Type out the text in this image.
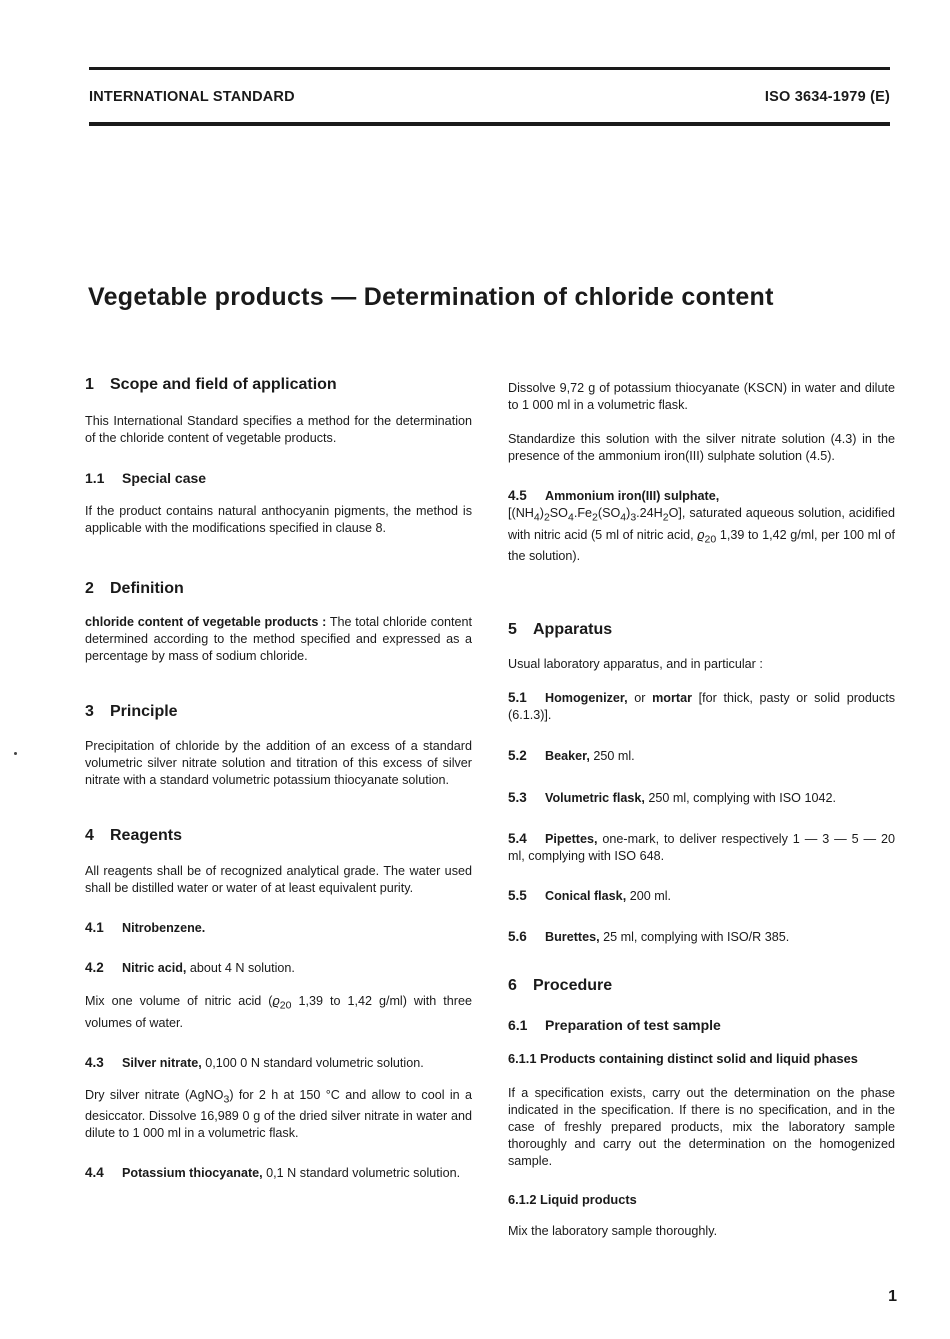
INTERNATIONAL STANDARD	ISO 3634-1979 (E)
Vegetable products — Determination of chloride content
1 Scope and field of application

This International Standard specifies a method for the determination of the chloride content of vegetable products.

1.1 Special case

If the product contains natural anthocyanin pigments, the method is applicable with the modifications specified in clause 8.

2 Definition

chloride content of vegetable products : The total chloride content determined according to the method specified and expressed as a percentage by mass of sodium chloride.

3 Principle

Precipitation of chloride by the addition of an excess of a standard volumetric silver nitrate solution and titration of this excess of silver nitrate with a standard volumetric potassium thiocyanate solution.

4 Reagents

All reagents shall be of recognized analytical grade. The water used shall be distilled water or water of at least equivalent purity.

4.1 Nitrobenzene.

4.2 Nitric acid, about 4 N solution.

Mix one volume of nitric acid ($ϱ_{20}$ 1,39 to 1,42 g/ml) with three volumes of water.

4.3 Silver nitrate, 0,100 0 N standard volumetric solution.

Dry silver nitrate (AgNO$_3$) for 2 h at 150 °C and allow to cool in a desiccator. Dissolve 16,989 0 g of the dried silver nitrate in water and dilute to 1 000 ml in a volumetric flask.

4.4 Potassium thiocyanate, 0,1 N standard volumetric solution.

Dissolve 9,72 g of potassium thiocyanate (KSCN) in water and dilute to 1 000 ml in a volumetric flask.

Standardize this solution with the silver nitrate solution (4.3) in the presence of the ammonium iron(III) sulphate solution (4.5).

4.5 Ammonium iron(III) sulphate,

$[(NH_4)_2SO_4.Fe_2(SO_4)_3.24H_2O]$, saturated aqueous solution, acidified with nitric acid (5 ml of nitric acid, $ϱ_{20}$ 1,39 to 1,42 g/ml, per 100 ml of the solution).

5 Apparatus

Usual laboratory apparatus, and in particular :

5.1 Homogenizer, or mortar [for thick, pasty or solid products (6.1.3)].

5.2 Beaker, 250 ml.

5.3 Volumetric flask, 250 ml, complying with ISO 1042.

5.4 Pipettes, one-mark, to deliver respectively 1 — 3 — 5 — 20 ml, complying with ISO 648.

5.5 Conical flask, 200 ml.

5.6 Burettes, 25 ml, complying with ISO/R 385.

6 Procedure
6.1 Preparation of test sample

6.1.1 Products containing distinct solid and liquid phases

If a specification exists, carry out the determination on the phase indicated in the specification. If there is no specification, and in the case of freshly prepared products, mix the laboratory sample thoroughly and carry out the determination on the homogenized sample.

6.1.2 Liquid products

Mix the laboratory sample thoroughly.

1
